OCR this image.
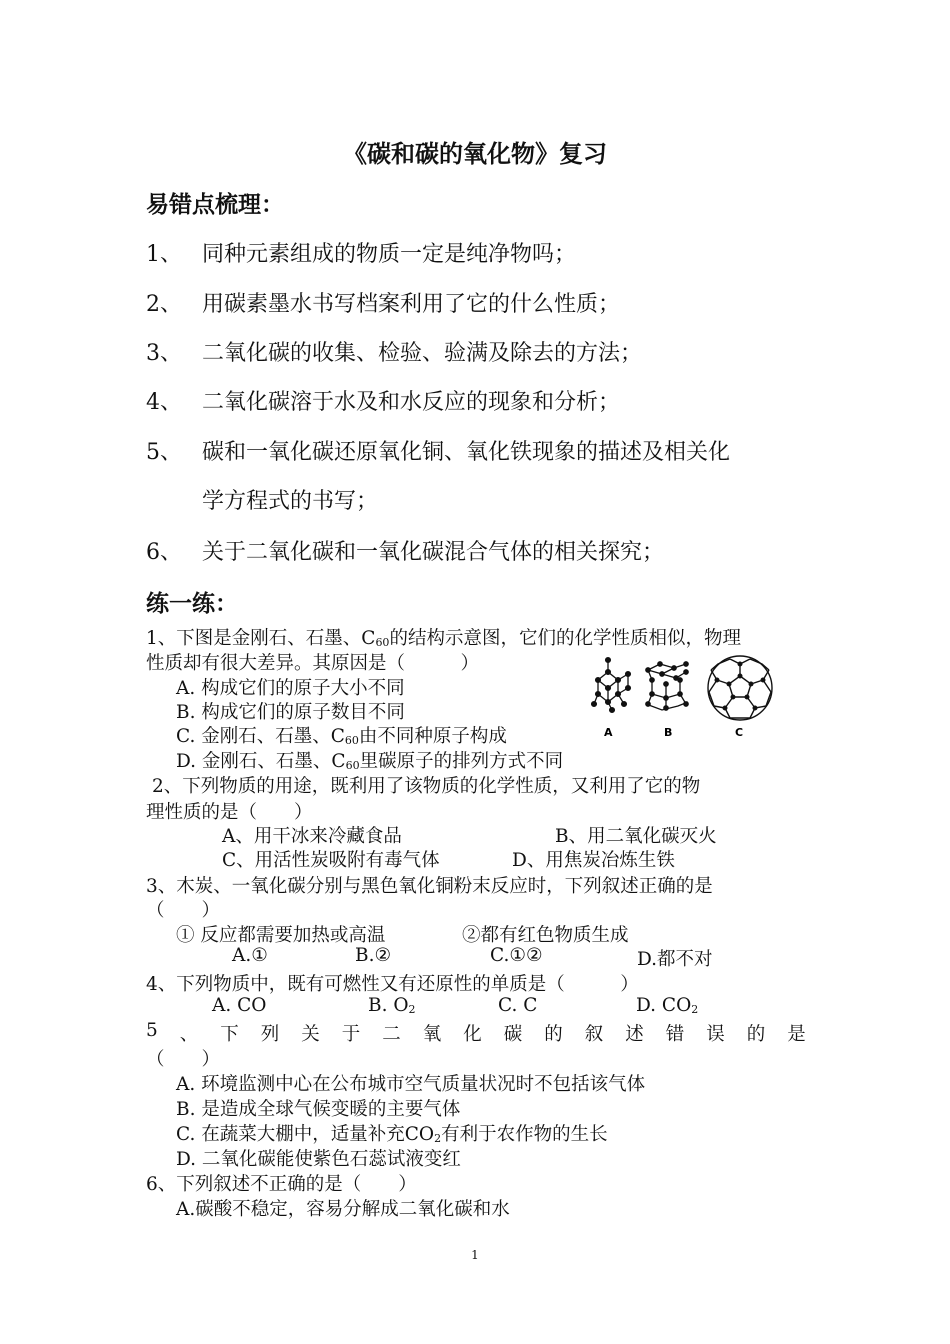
《碳和碳的氧化物》复习
易错点梳理：
1、 同种元素组成的物质一定是纯净物吗；
2、 用碳素墨水书写档案利用了它的什么性质；
3、 二氧化碳的收集、检验、验满及除去的方法；
4、 二氧化碳溶于水及和水反应的现象和分析；
5、 碳和一氧化碳还原氧化铜、氧化铁现象的描述及相关化
学方程式的书写；
6、 关于二氧化碳和一氧化碳混合气体的相关探究；
练一练：
1、下图是金刚石、石墨、$C_{60}$的结构示意图，它们的化学性质相似，物理
性质却有很大差异。其原因是（　　　）
A. 构成它们的原子大小不同
B. 构成它们的原子数目不同
C. 金刚石、石墨、$C_{60}$由不同种原子构成
D. 金刚石、石墨、$C_{60}$里碳原子的排列方式不同
A	B	C
2、下列物质的用途，既利用了该物质的化学性质，又利用了它的物
理性质的是（　　）
A、用干冰来冷藏食品	B、用二氧化碳灭火
C、用活性炭吸附有毒气体	D、用焦炭冶炼生铁
3、木炭、一氧化碳分别与黑色氧化铜粉末反应时，下列叙述正确的是
（　　）
① 反应都需要加热或高温	②都有红色物质生成
A.①	B.②	C.①②	D.都不对
4、下列物质中，既有可燃性又有还原性的单质是（　　　）
A. CO	B. $O_2$	C. C	D. $CO_2$
5 、 下 列 关 于 二 氧 化 碳 的 叙 述 错 误 的 是
（　　）
A. 环境监测中心在公布城市空气质量状况时不包括该气体
B. 是造成全球气候变暖的主要气体
C. 在蔬菜大棚中，适量补充$CO_2$有利于农作物的生长
D. 二氧化碳能使紫色石蕊试液变红
6、下列叙述不正确的是（　　）
A.碳酸不稳定，容易分解成二氧化碳和水
1
